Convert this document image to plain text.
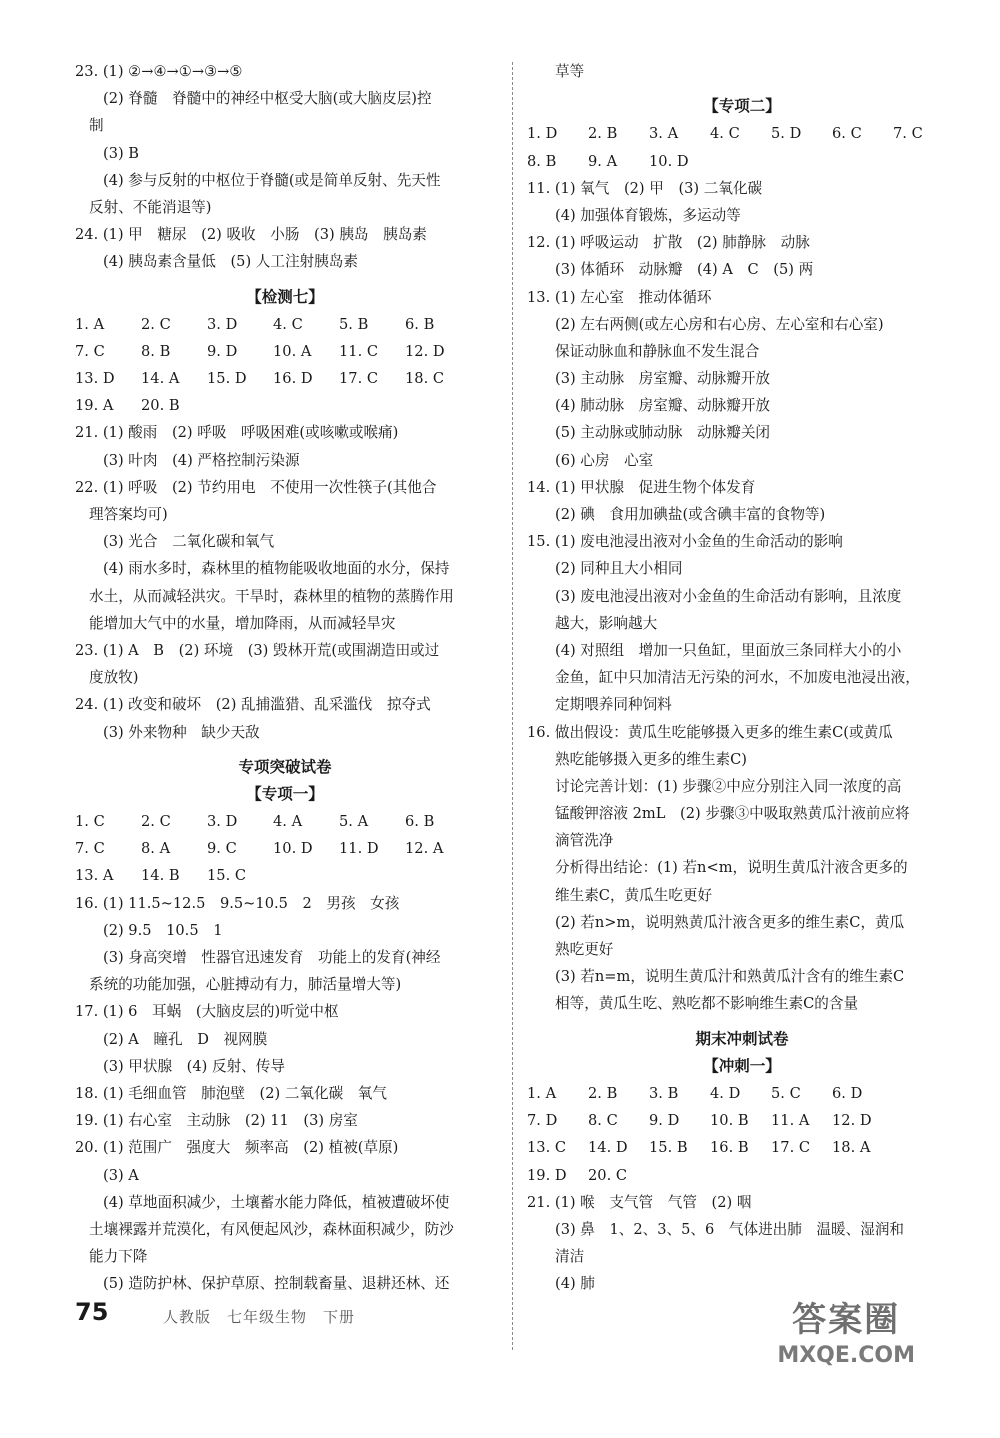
23. (1) ②→④→①→③→⑤
(2) 脊髓　脊髓中的神经中枢受大脑(或大脑皮层)控
制
(3) B
(4) 参与反射的中枢位于脊髓(或是简单反射、先天性
反射、不能消退等)
24. (1) 甲　糖尿　(2) 吸收　小肠　(3) 胰岛　胰岛素
(4) 胰岛素含量低　(5) 人工注射胰岛素
【检测七】
1. A	2. C	3. D	4. C	5. B	6. B
7. C	8. B	9. D	10. A	11. C	12. D
13. D	14. A	15. D	16. D	17. C	18. C
19. A	20. B
21. (1) 酸雨　(2) 呼吸　呼吸困难(或咳嗽或喉痛)
(3) 叶肉　(4) 严格控制污染源
22. (1) 呼吸　(2) 节约用电　不使用一次性筷子(其他合
理答案均可)
(3) 光合　二氧化碳和氧气
(4) 雨水多时，森林里的植物能吸收地面的水分，保持
水土，从而减轻洪灾。干旱时，森林里的植物的蒸腾作用
能增加大气中的水量，增加降雨，从而减轻旱灾
23. (1) A　B　(2) 环境　(3) 毁林开荒(或围湖造田或过
度放牧)
24. (1) 改变和破坏　(2) 乱捕滥猎、乱采滥伐　掠夺式
(3) 外来物种　缺少天敌
专项突破试卷
【专项一】
1. C	2. C	3. D	4. A	5. A	6. B
7. C	8. A	9. C	10. D	11. D	12. A
13. A	14. B	15. C
16. (1) 11.5~12.5　9.5~10.5　2　男孩　女孩
(2) 9.5　10.5　1
(3) 身高突增　性器官迅速发育　功能上的发育(神经
系统的功能加强，心脏搏动有力，肺活量增大等)
17. (1) 6　耳蜗　(大脑皮层的)听觉中枢
(2) A　瞳孔　D　视网膜
(3) 甲状腺　(4) 反射、传导
18. (1) 毛细血管　肺泡壁　(2) 二氧化碳　氧气
19. (1) 右心室　主动脉　(2) 11　(3) 房室
20. (1) 范围广　强度大　频率高　(2) 植被(草原)
(3) A
(4) 草地面积减少，土壤蓄水能力降低，植被遭破坏使
土壤裸露并荒漠化，有风便起风沙，森林面积减少，防沙
能力下降
(5) 造防护林、保护草原、控制载畜量、退耕还林、还
草等
【专项二】
1. D	2. B	3. A	4. C	5. D	6. C	7. C
8. B	9. A	10. D
11. (1) 氧气　(2) 甲　(3) 二氧化碳
(4) 加强体育锻炼，多运动等
12. (1) 呼吸运动　扩散　(2) 肺静脉　动脉
(3) 体循环　动脉瓣　(4) A　C　(5) 两
13. (1) 左心室　推动体循环
(2) 左右两侧(或左心房和右心房、左心室和右心室)
保证动脉血和静脉血不发生混合
(3) 主动脉　房室瓣、动脉瓣开放
(4) 肺动脉　房室瓣、动脉瓣开放
(5) 主动脉或肺动脉　动脉瓣关闭
(6) 心房　心室
14. (1) 甲状腺　促进生物个体发育
(2) 碘　食用加碘盐(或含碘丰富的食物等)
15. (1) 废电池浸出液对小金鱼的生命活动的影响
(2) 同种且大小相同
(3) 废电池浸出液对小金鱼的生命活动有影响，且浓度
越大，影响越大
(4) 对照组　增加一只鱼缸，里面放三条同样大小的小
金鱼，缸中只加清洁无污染的河水，不加废电池浸出液，
定期喂养同种饲料
16. 做出假设：黄瓜生吃能够摄入更多的维生素C(或黄瓜
熟吃能够摄入更多的维生素C)
讨论完善计划：(1) 步骤②中应分别注入同一浓度的高
锰酸钾溶液 2mL　(2) 步骤③中吸取熟黄瓜汁液前应将
滴管洗净
分析得出结论：(1) 若n<m，说明生黄瓜汁液含更多的
维生素C，黄瓜生吃更好
(2) 若n>m，说明熟黄瓜汁液含更多的维生素C，黄瓜
熟吃更好
(3) 若n=m，说明生黄瓜汁和熟黄瓜汁含有的维生素C
相等，黄瓜生吃、熟吃都不影响维生素C的含量
期末冲刺试卷
【冲刺一】
1. A	2. B	3. B	4. D	5. C	6. D
7. D	8. C	9. D	10. B	11. A	12. D
13. C	14. D	15. B	16. B	17. C	18. A
19. D	20. C
21. (1) 喉　支气管　气管　(2) 咽
(3) 鼻　1、2、3、5、6　气体进出肺　温暖、湿润和
清洁
(4) 肺
75	人教版　七年级生物　下册	答案圈
MXQE.COM
